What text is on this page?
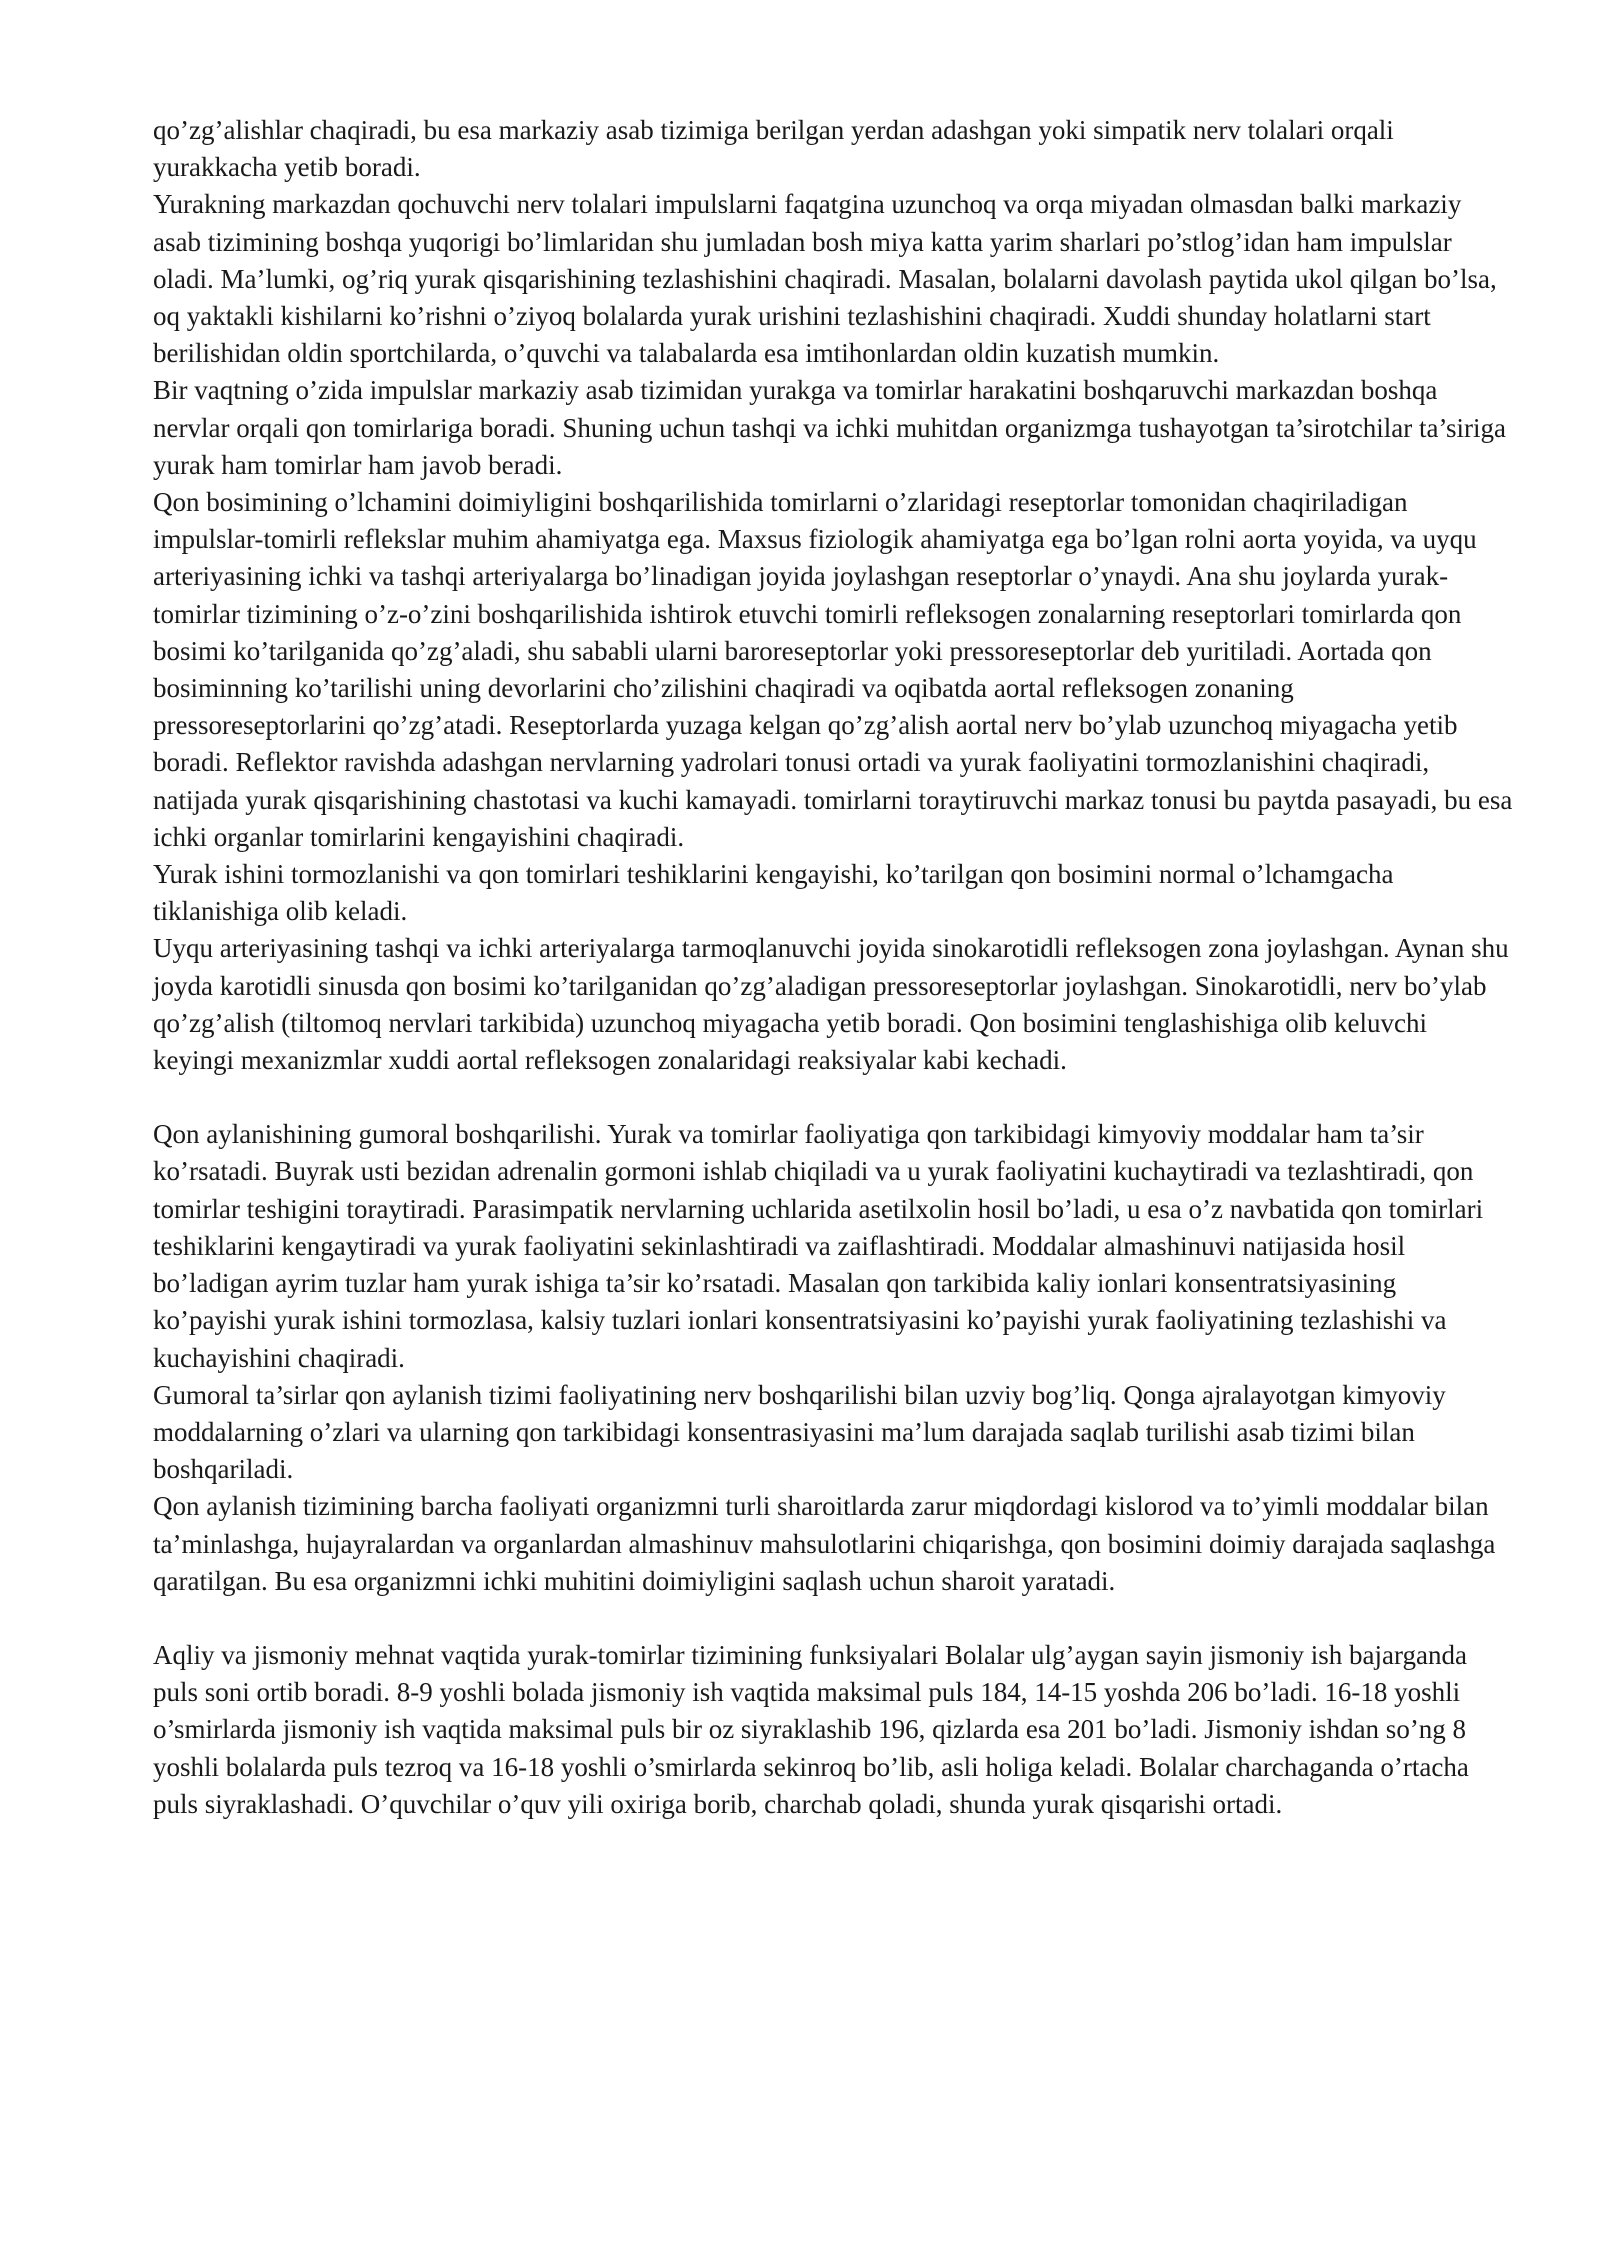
qo’zg’alishlar chaqiradi, bu esa markaziy asab tizimiga berilgan yerdan adashgan yoki simpatik nerv tolalari orqali yurakkacha yetib boradi.

Yurakning markazdan qochuvchi nerv tolalari impulslarni faqatgina uzunchoq va orqa miyadan olmasdan balki markaziy asab tizimining boshqa yuqorigi bo’limlaridan shu jumladan bosh miya katta yarim sharlari po’stlog’idan ham impulslar oladi. Ma’lumki, og’riq yurak qisqarishining tezlashishini chaqiradi. Masalan, bolalarni davolash paytida ukol qilgan bo’lsa, oq yaktakli kishilarni ko’rishni o’ziyoq bolalarda yurak urishini tezlashishini chaqiradi. Xuddi shunday holatlarni start berilishidan oldin sportchilarda, o’quvchi va talabalarda esa imtihonlardan oldin kuzatish mumkin.

Bir vaqtning o’zida impulslar markaziy asab tizimidan yurakga va tomirlar harakatini boshqaruvchi markazdan boshqa nervlar orqali qon tomirlariga boradi. Shuning uchun tashqi va ichki muhitdan organizmga tushayotgan ta’sirotchilar ta’siriga yurak ham tomirlar ham javob beradi.

Qon bosimining o’lchamini doimiyligini boshqarilishida tomirlarni o’zlaridagi reseptorlar tomonidan chaqiriladigan impulslar-tomirli reflekslar muhim ahamiyatga ega. Maxsus fiziologik ahamiyatga ega bo’lgan rolni aorta yoyida, va uyqu arteriyasining ichki va tashqi arteriyalarga bo’linadigan joyida joylashgan reseptorlar o’ynaydi. Ana shu joylarda yurak-tomirlar tizimining o’z-o’zini boshqarilishida ishtirok etuvchi tomirli refleksogen zonalarning reseptorlari tomirlarda qon bosimi ko’tarilganida qo’zg’aladi, shu sababli ularni baroreseptorlar yoki pressoreseptorlar deb yuritiladi. Aortada qon bosiminning ko’tarilishi uning devorlarini cho’zilishini chaqiradi va oqibatda aortal refleksogen zonaning pressoreseptorlarini qo’zg’atadi. Reseptorlarda yuzaga kelgan qo’zg’alish aortal nerv bo’ylab uzunchoq miyagacha yetib boradi. Reflektor ravishda adashgan nervlarning yadrolari tonusi ortadi va yurak faoliyatini tormozlanishini chaqiradi, natijada yurak qisqarishining chastotasi va kuchi kamayadi. tomirlarni toraytiruvchi markaz tonusi bu paytda pasayadi, bu esa ichki organlar tomirlarini kengayishini chaqiradi.

Yurak ishini tormozlanishi va qon tomirlari teshiklarini kengayishi, ko’tarilgan qon bosimini normal o’lchamgacha tiklanishiga olib keladi.

Uyqu arteriyasining tashqi va ichki arteriyalarga tarmoqlanuvchi joyida sinokarotidli refleksogen zona joylashgan. Aynan shu joyda karotidli sinusda qon bosimi ko’tarilganidan qo’zg’aladigan pressoreseptorlar joylashgan. Sinokarotidli, nerv bo’ylab qo’zg’alish (tiltomoq nervlari tarkibida) uzunchoq miyagacha yetib boradi. Qon bosimini tenglashishiga olib keluvchi keyingi mexanizmlar xuddi aortal refleksogen zonalaridagi reaksiyalar kabi kechadi.

Qon aylanishining gumoral boshqarilishi. Yurak va tomirlar faoliyatiga qon tarkibidagi kimyoviy moddalar ham ta’sir ko’rsatadi. Buyrak usti bezidan adrenalin gormoni ishlab chiqiladi va u yurak faoliyatini kuchaytiradi va tezlashtiradi, qon tomirlar teshigini toraytiradi. Parasimpatik nervlarning uchlarida asetilxolin hosil bo’ladi, u esa o’z navbatida qon tomirlari teshiklarini kengaytiradi va yurak faoliyatini sekinlashtiradi va zaiflashtiradi. Moddalar almashinuvi natijasida hosil bo’ladigan ayrim tuzlar ham yurak ishiga ta’sir ko’rsatadi. Masalan qon tarkibida kaliy ionlari konsentratsiyasining ko’payishi yurak ishini tormozlasa, kalsiy tuzlari ionlari konsentratsiyasini ko’payishi yurak faoliyatining tezlashishi va kuchayishini chaqiradi.

Gumoral ta’sirlar qon aylanish tizimi faoliyatining nerv boshqarilishi bilan uzviy bog’liq. Qonga ajralayotgan kimyoviy moddalarning o’zlari va ularning qon tarkibidagi konsentrasiyasini ma’lum darajada saqlab turilishi asab tizimi bilan boshqariladi.

Qon aylanish tizimining barcha faoliyati organizmni turli sharoitlarda zarur miqdordagi kislorod va to’yimli moddalar bilan ta’minlashga, hujayralardan va organlardan almashinuv mahsulotlarini chiqarishga, qon bosimini doimiy darajada saqlashga qaratilgan. Bu esa organizmni ichki muhitini doimiyligini saqlash uchun sharoit yaratadi.

Aqliy va jismoniy mehnat vaqtida yurak-tomirlar tizimining funksiyalari Bolalar ulg’aygan sayin jismoniy ish bajarganda puls soni ortib boradi. 8-9 yoshli bolada jismoniy ish vaqtida maksimal puls 184, 14-15 yoshda 206 bo’ladi. 16-18 yoshli o’smirlarda jismoniy ish vaqtida maksimal puls bir oz siyraklashib 196, qizlarda esa 201 bo’ladi. Jismoniy ishdan so’ng 8 yoshli bolalarda puls tezroq va 16-18 yoshli o’smirlarda sekinroq bo’lib, asli holiga keladi. Bolalar charchaganda o’rtacha puls siyraklashadi. O’quvchilar o’quv yili oxiriga borib, charchab qoladi, shunda yurak qisqarishi ortadi.
